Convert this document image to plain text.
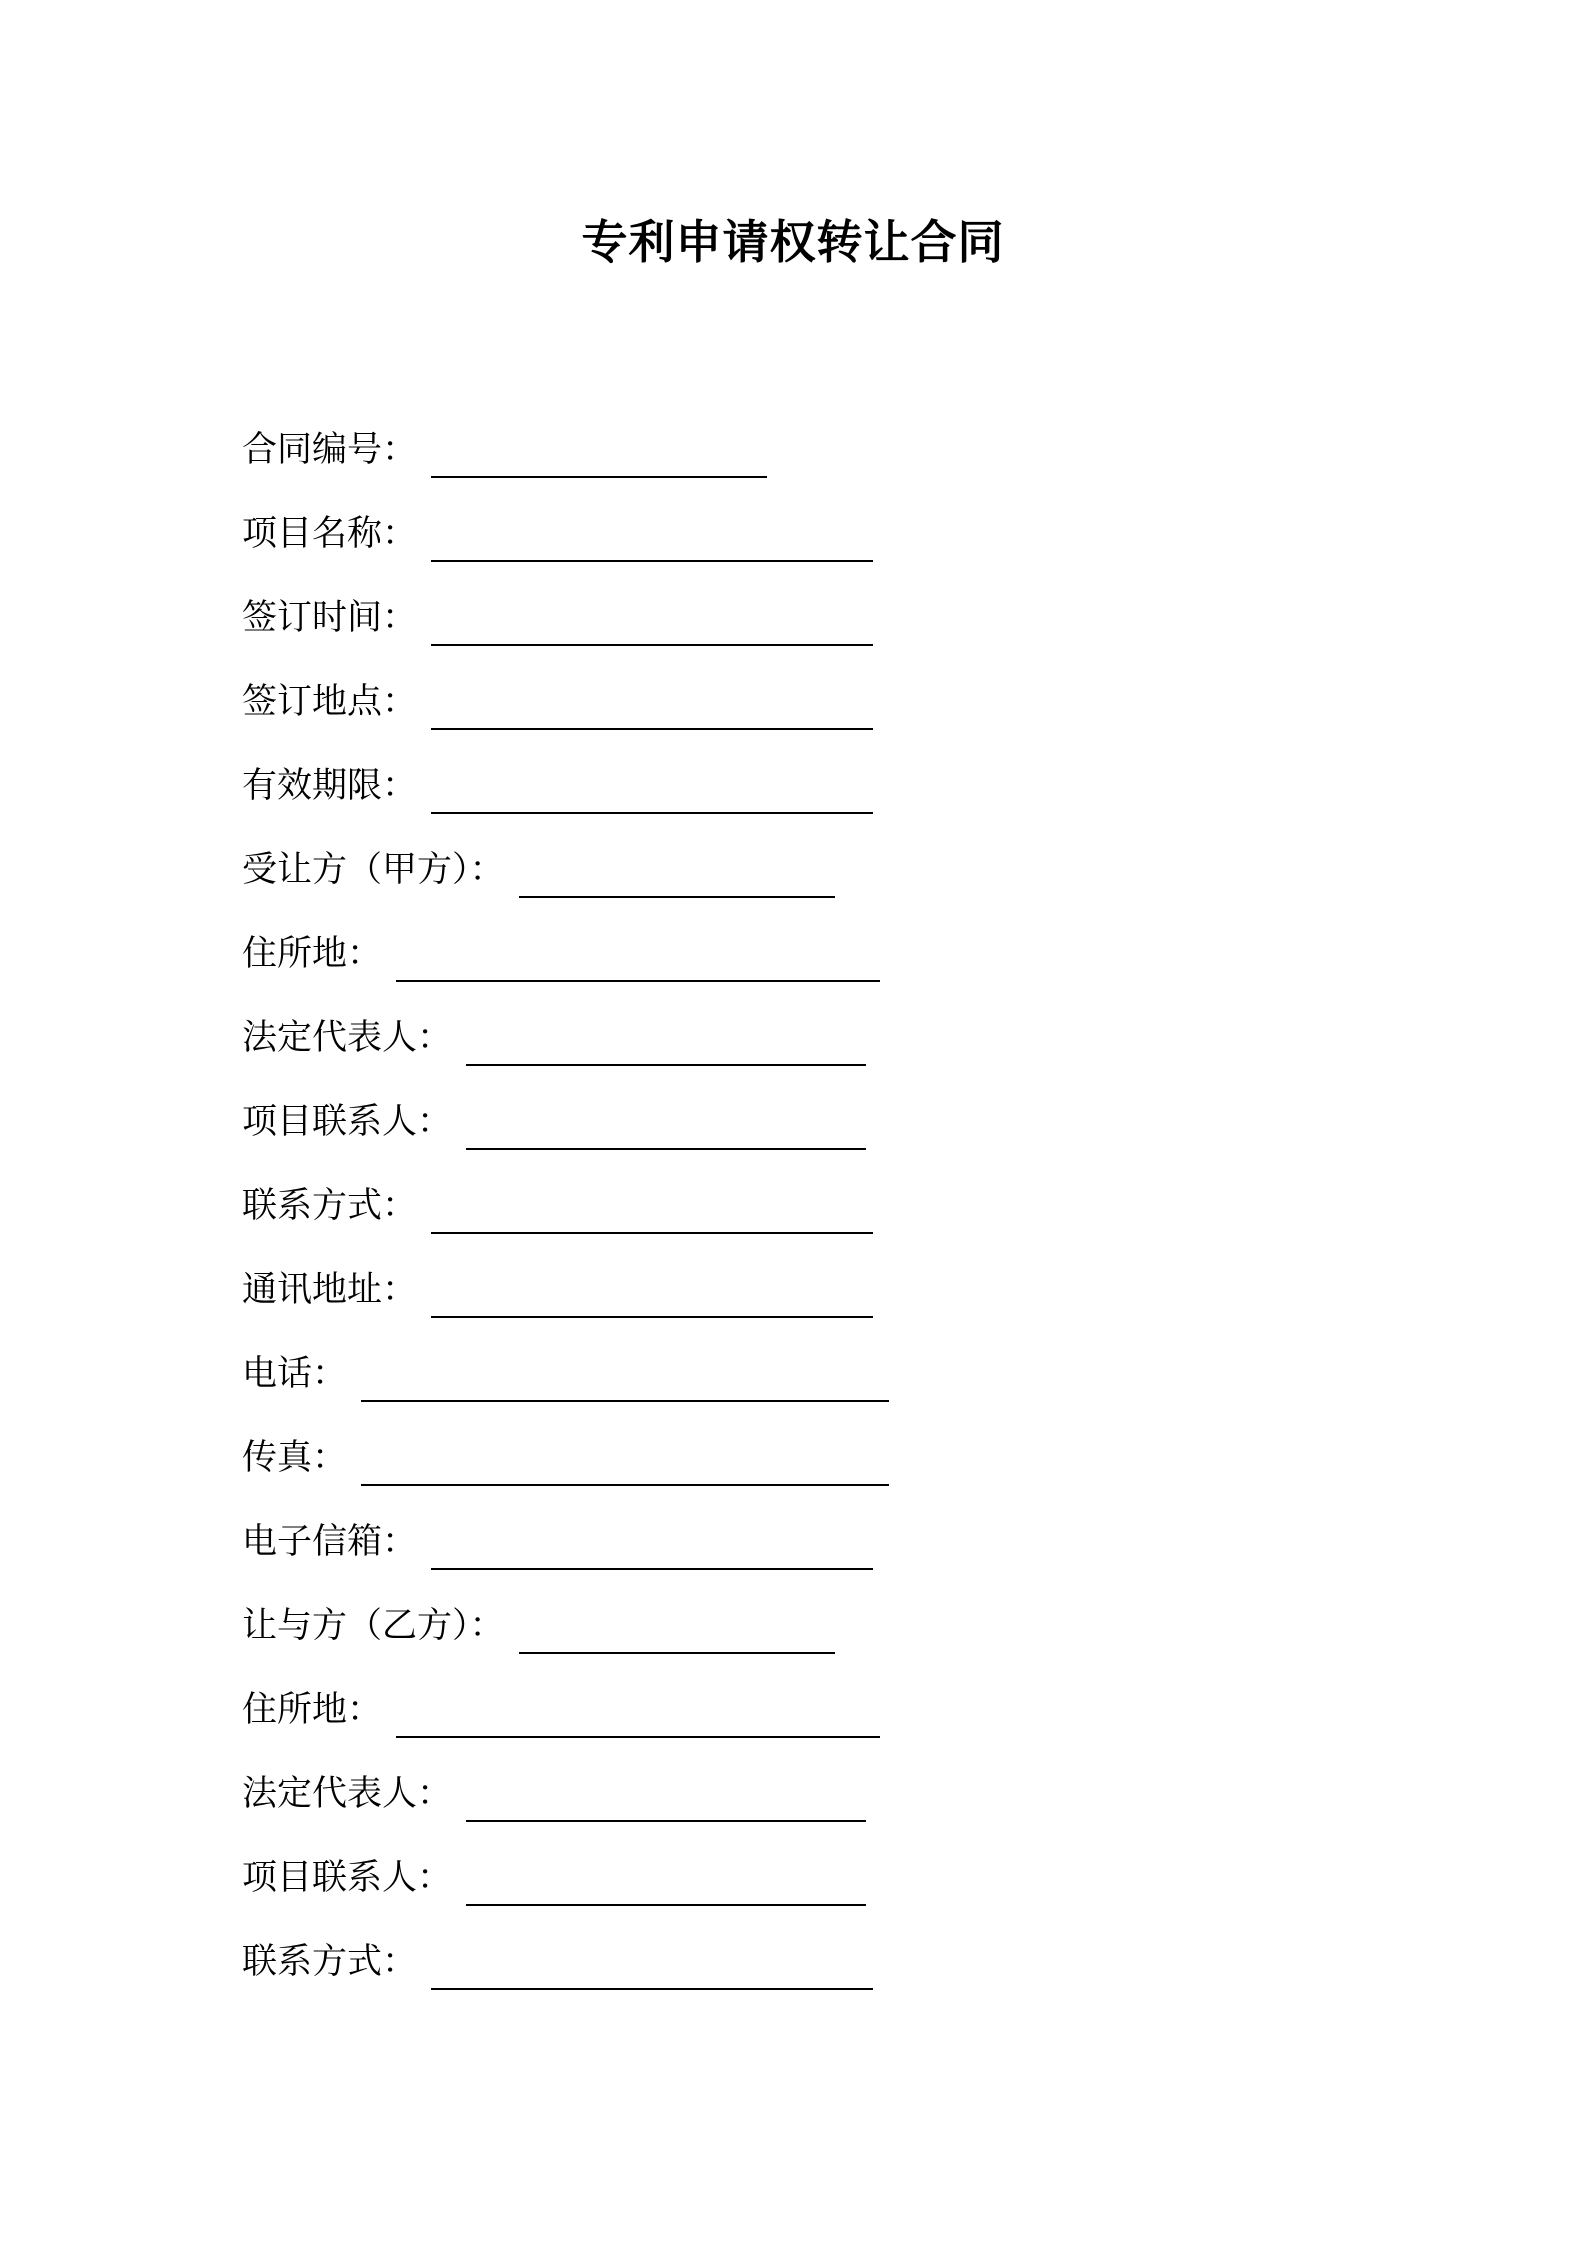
专利申请权转让合同
合同编号：
项目名称：
签订时间：
签订地点：
有效期限：
受让方（甲方）：
住所地：
法定代表人：
项目联系人：
联系方式：
通讯地址：
电话：
传真：
电子信箱：
让与方（乙方）：
住所地：
法定代表人：
项目联系人：
联系方式：
